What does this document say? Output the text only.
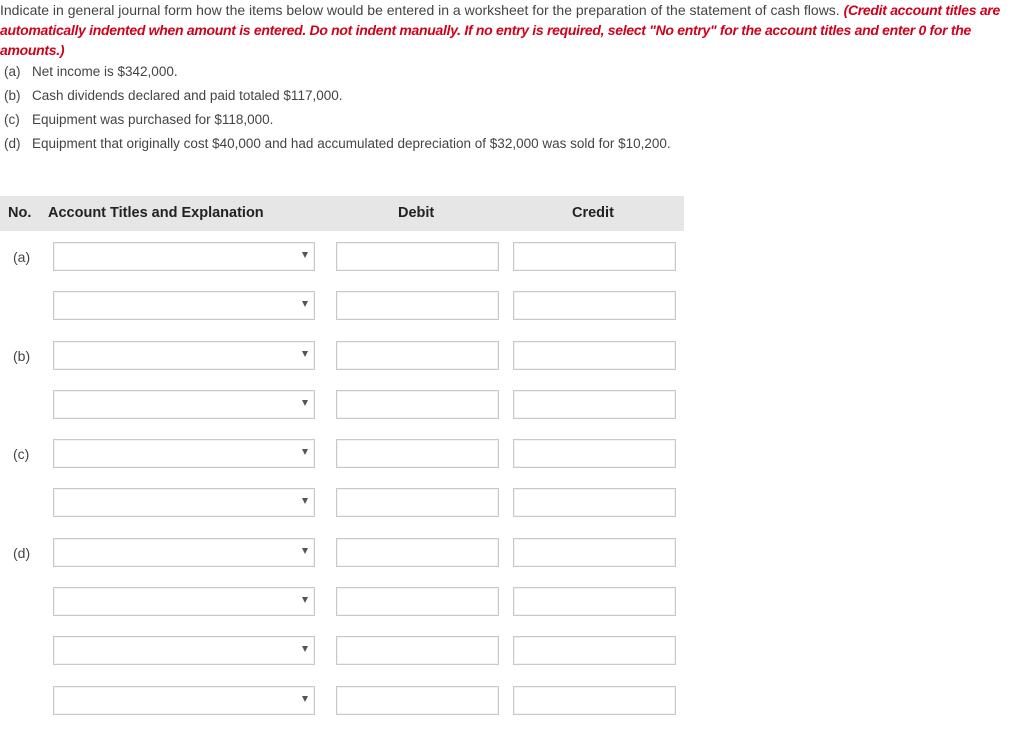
Indicate in general journal form how the items below would be entered in a worksheet for the preparation of the statement of cash flows. (Credit account titles are automatically indented when amount is entered. Do not indent manually. If no entry is required, select "No entry" for the account titles and enter 0 for the amounts.)
(a) Net income is $342,000.
(b) Cash dividends declared and paid totaled $117,000.
(c) Equipment was purchased for $118,000.
(d) Equipment that originally cost $40,000 and had accumulated depreciation of $32,000 was sold for $10,200.
No. Account Titles and Explanation	Debit	Credit
(a)
(b)
(c)
(d)
